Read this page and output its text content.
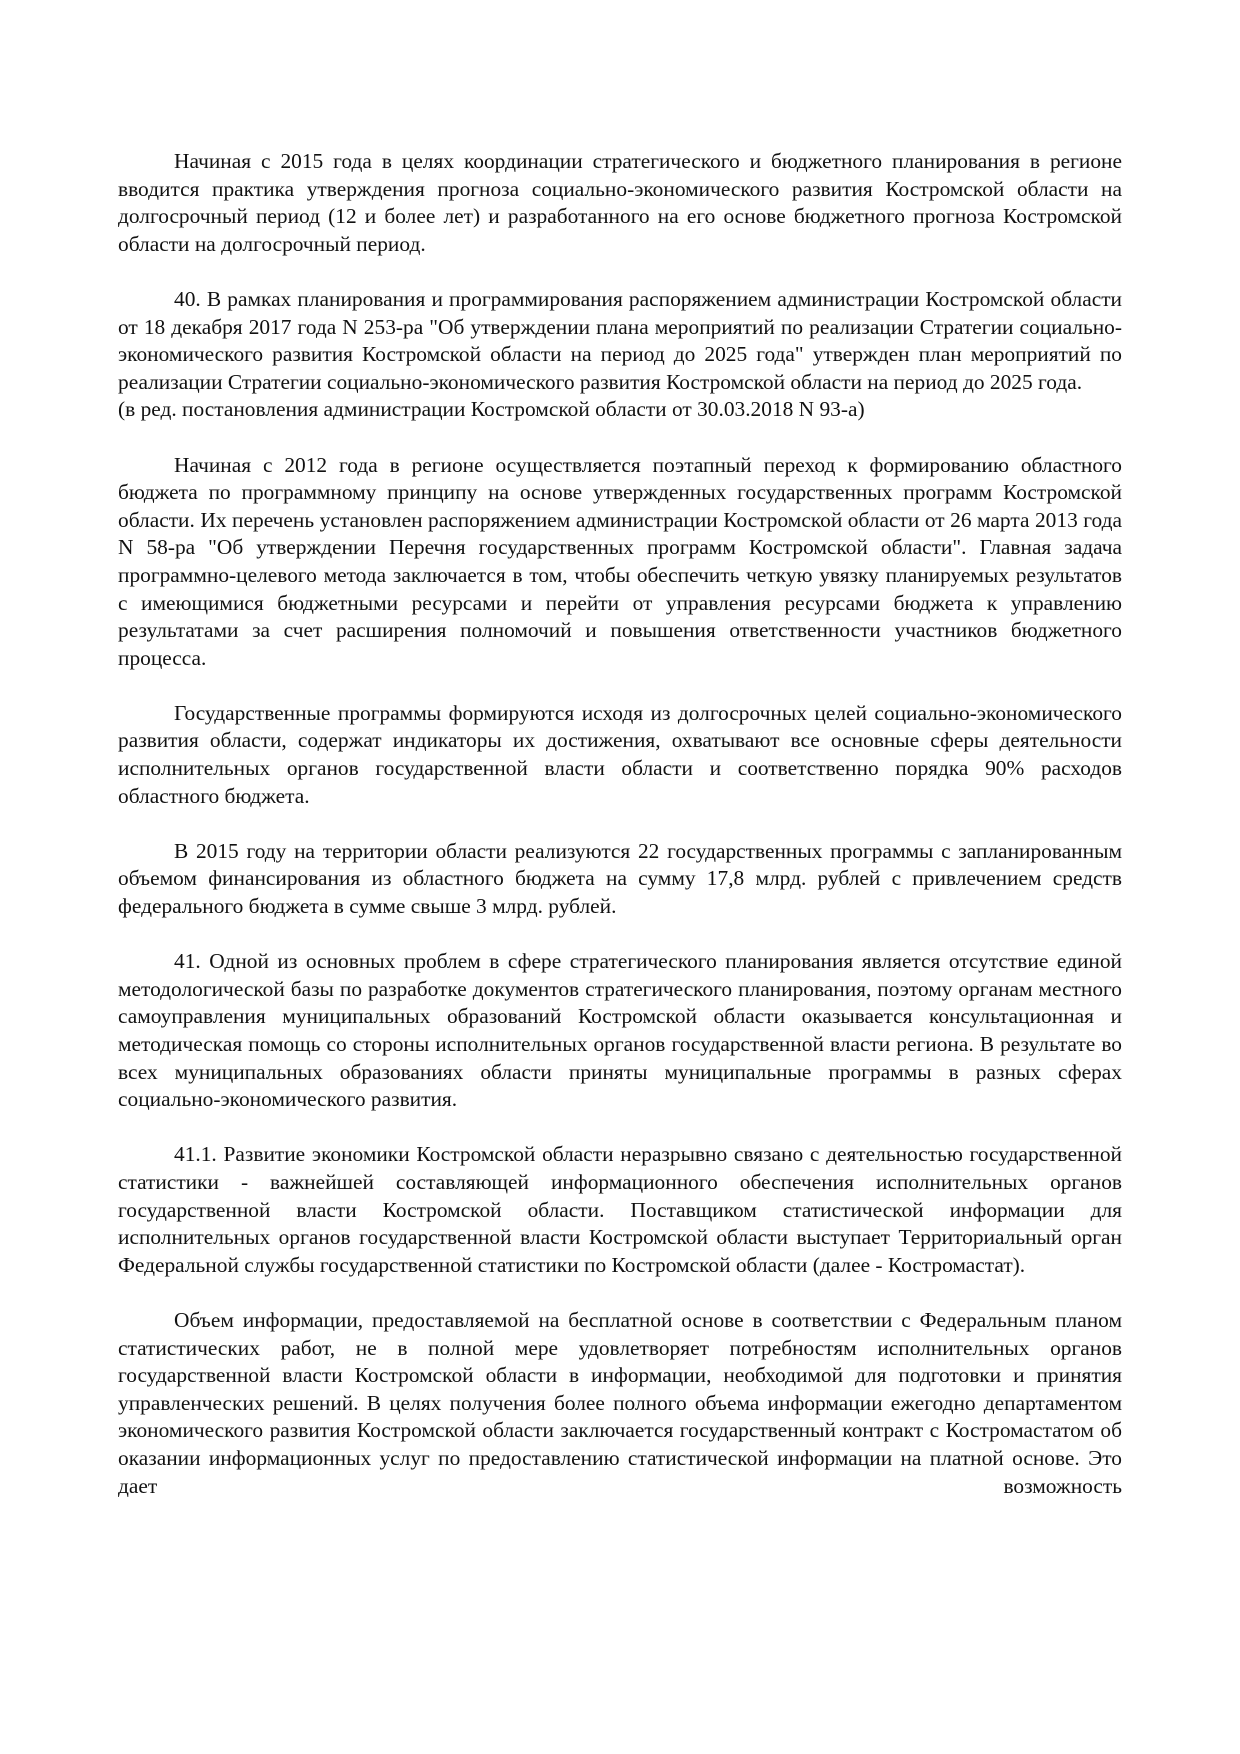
Начиная с 2015 года в целях координации стратегического и бюджетного планирования в регионе вводится практика утверждения прогноза социально-экономического развития Костромской области на долгосрочный период (12 и более лет) и разработанного на его основе бюджетного прогноза Костромской области на долгосрочный период.

40. В рамках планирования и программирования распоряжением администрации Костромской области от 18 декабря 2017 года N 253-ра "Об утверждении плана мероприятий по реализации Стратегии социально-экономического развития Костромской области на период до 2025 года" утвержден план мероприятий по реализации Стратегии социально-экономического развития Костромской области на период до 2025 года.

(в ред. постановления администрации Костромской области от 30.03.2018 N 93-а)

Начиная с 2012 года в регионе осуществляется поэтапный переход к формированию областного бюджета по программному принципу на основе утвержденных государственных программ Костромской области. Их перечень установлен распоряжением администрации Костромской области от 26 марта 2013 года N 58-ра "Об утверждении Перечня государственных программ Костромской области". Главная задача программно-целевого метода заключается в том, чтобы обеспечить четкую увязку планируемых результатов с имеющимися бюджетными ресурсами и перейти от управления ресурсами бюджета к управлению результатами за счет расширения полномочий и повышения ответственности участников бюджетного процесса.

Государственные программы формируются исходя из долгосрочных целей социально-экономического развития области, содержат индикаторы их достижения, охватывают все основные сферы деятельности исполнительных органов государственной власти области и соответственно порядка 90% расходов областного бюджета.

В 2015 году на территории области реализуются 22 государственных программы с запланированным объемом финансирования из областного бюджета на сумму 17,8 млрд. рублей с привлечением средств федерального бюджета в сумме свыше 3 млрд. рублей.

41. Одной из основных проблем в сфере стратегического планирования является отсутствие единой методологической базы по разработке документов стратегического планирования, поэтому органам местного самоуправления муниципальных образований Костромской области оказывается консультационная и методическая помощь со стороны исполнительных органов государственной власти региона. В результате во всех муниципальных образованиях области приняты муниципальные программы в разных сферах социально-экономического развития.

41.1. Развитие экономики Костромской области неразрывно связано с деятельностью государственной статистики - важнейшей составляющей информационного обеспечения исполнительных органов государственной власти Костромской области. Поставщиком статистической информации для исполнительных органов государственной власти Костромской области выступает Территориальный орган Федеральной службы государственной статистики по Костромской области (далее - Костромастат).

Объем информации, предоставляемой на бесплатной основе в соответствии с Федеральным планом статистических работ, не в полной мере удовлетворяет потребностям исполнительных органов государственной власти Костромской области в информации, необходимой для подготовки и принятия управленческих решений. В целях получения более полного объема информации ежегодно департаментом экономического развития Костромской области заключается государственный контракт с Костромастатом об оказании информационных услуг по предоставлению статистической информации на платной основе. Это дает возможность
